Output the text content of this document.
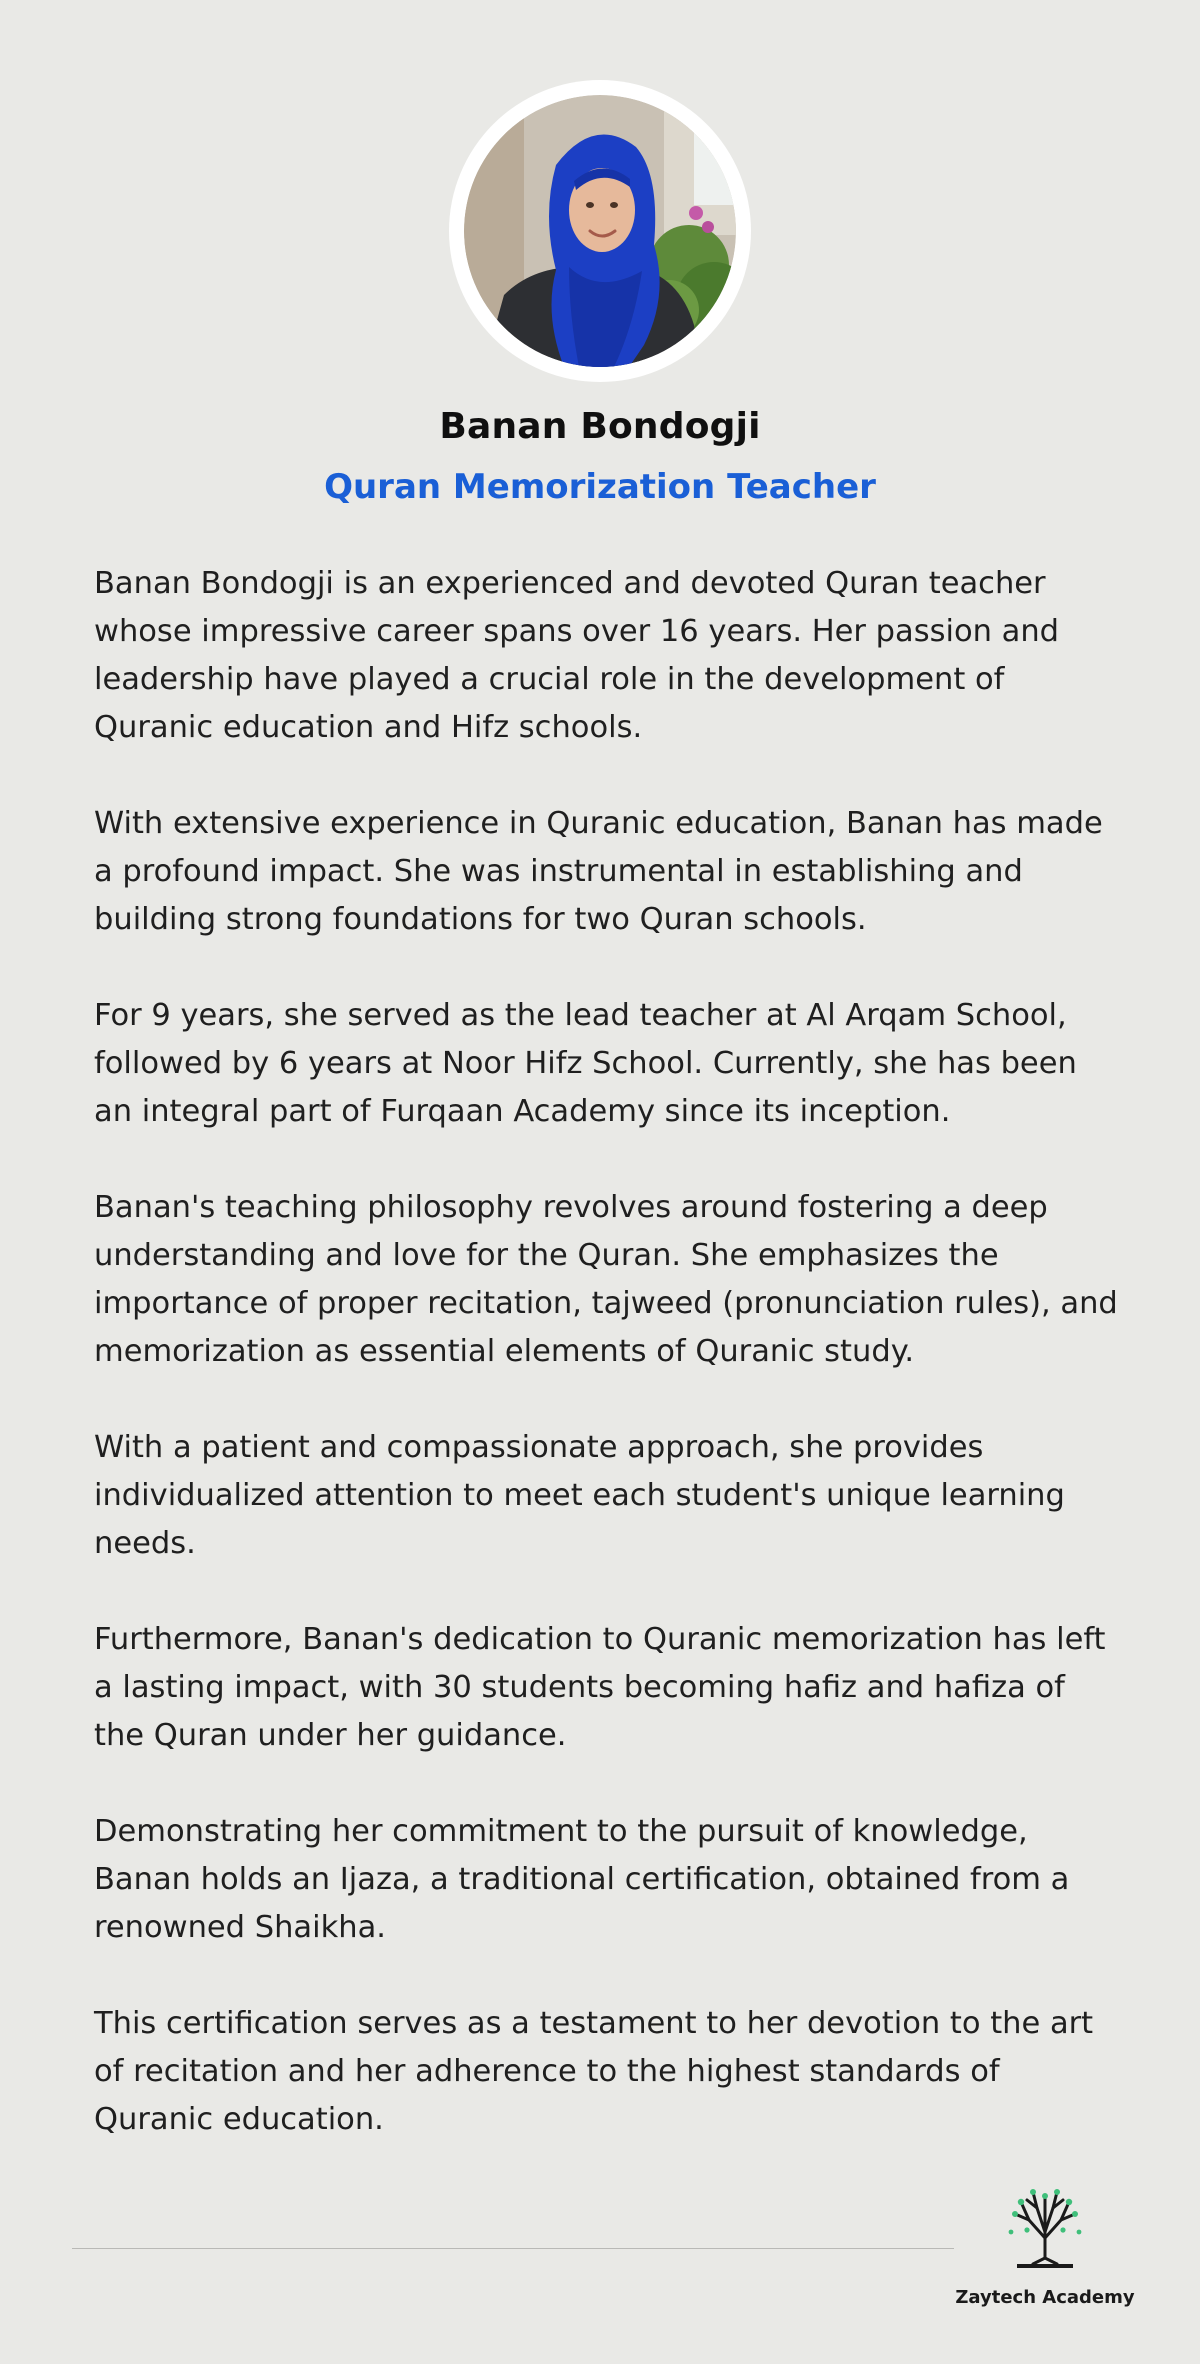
Banan Bondogji
Quran Memorization Teacher

Banan Bondogji is an experienced and devoted Quran teacher whose impressive career spans over 16 years. Her passion and leadership have played a crucial role in the development of Quranic education and Hifz schools.

With extensive experience in Quranic education, Banan has made a profound impact. She was instrumental in establishing and building strong foundations for two Quran schools.

For 9 years, she served as the lead teacher at Al Arqam School, followed by 6 years at Noor Hifz School. Currently, she has been an integral part of Furqaan Academy since its inception.

Banan's teaching philosophy revolves around fostering a deep understanding and love for the Quran. She emphasizes the importance of proper recitation, tajweed (pronunciation rules), and memorization as essential elements of Quranic study.

With a patient and compassionate approach, she provides individualized attention to meet each student's unique learning needs.

Furthermore, Banan's dedication to Quranic memorization has left a lasting impact, with 30 students becoming hafiz and hafiza of the Quran under her guidance.

Demonstrating her commitment to the pursuit of knowledge, Banan holds an Ijaza, a traditional certification, obtained from a renowned Shaikha.

This certification serves as a testament to her devotion to the art of recitation and her adherence to the highest standards of Quranic education.

Zaytech Academy
